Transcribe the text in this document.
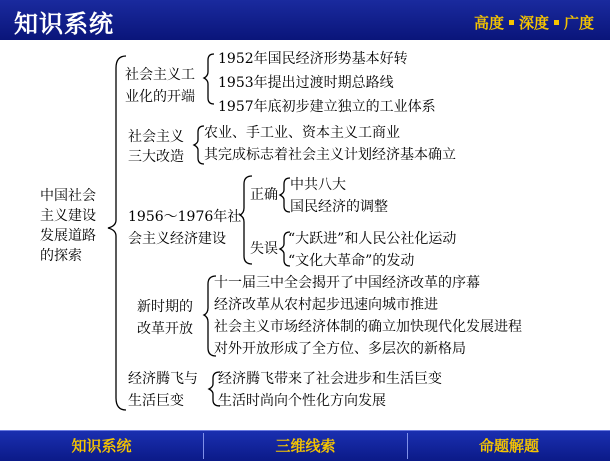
知识系统	高度 深度 广度
中国社会
主义建设
发展道路
的探索
社会主义工
业化的开端
1952年国民经济形势基本好转
1953年提出过渡时期总路线
1957年底初步建立独立的工业体系
社会主义
三大改造
农业、手工业、资本主义工商业
其完成标志着社会主义计划经济基本确立
1956～1976年社
会主义经济建设
正确
中共八大
国民经济的调整
失误
“大跃进”和人民公社化运动
“文化大革命”的发动
新时期的
改革开放
十一届三中全会揭开了中国经济改革的序幕
经济改革从农村起步迅速向城市推进
社会主义市场经济体制的确立加快现代化发展进程
对外开放形成了全方位、多层次的新格局
经济腾飞与
生活巨变
经济腾飞带来了社会进步和生活巨变
生活时尚向个性化方向发展
知识系统	三维线索	命题解题
